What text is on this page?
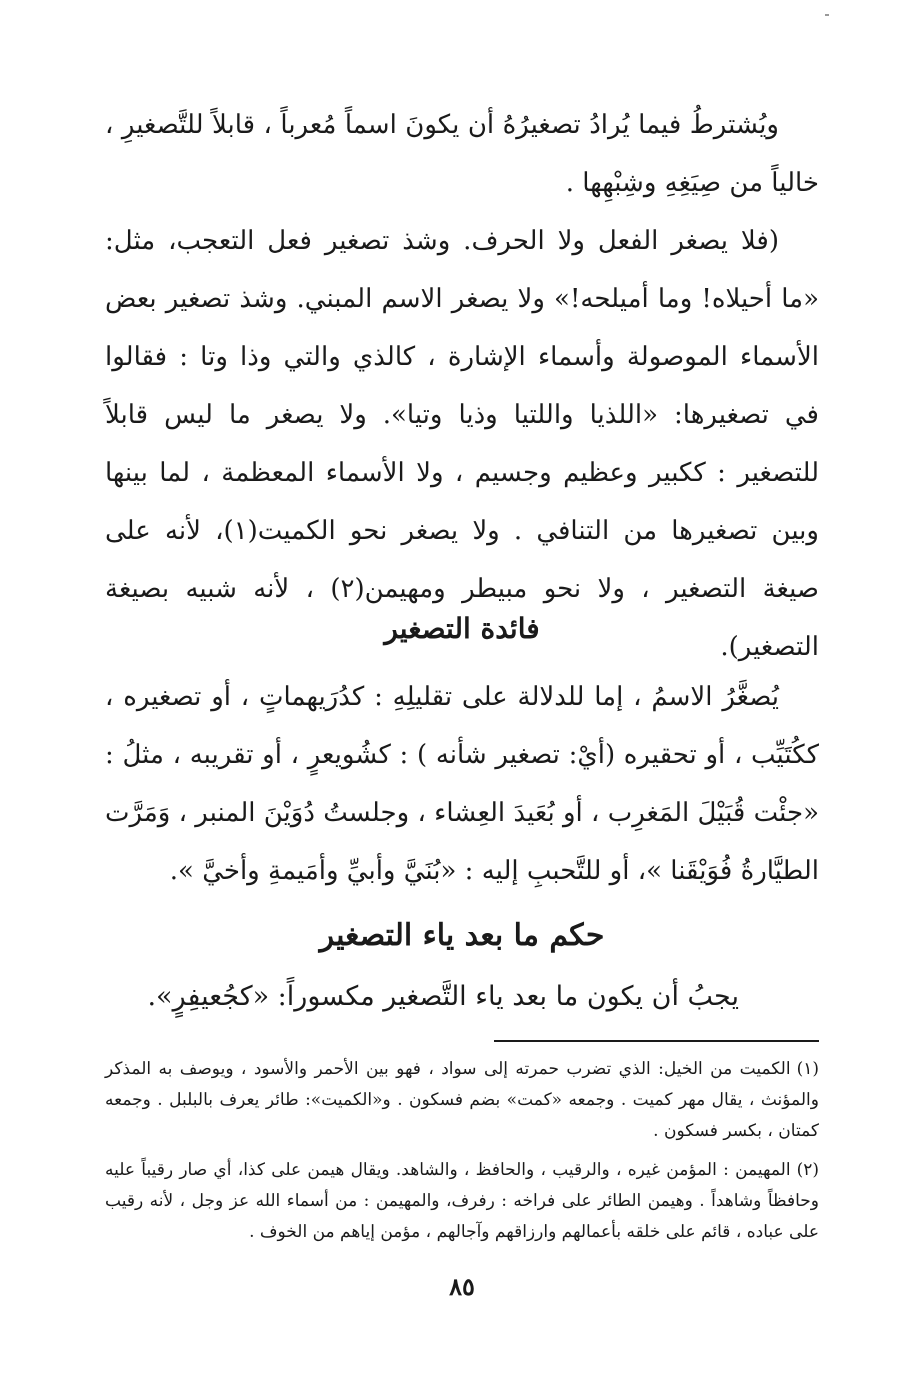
ويُشترطُ فيما يُرادُ تصغيرُهُ أن يكونَ اسماً مُعرباً ، قابلاً للتَّصغيرِ ، خالياً من صِيَغِهِ وشِبْهِها .

(فلا يصغر الفعل ولا الحرف. وشذ تصغير فعل التعجب، مثل: «ما أحيلاه! وما أميلحه!» ولا يصغر الاسم المبني. وشذ تصغير بعض الأسماء الموصولة وأسماء الإشارة ، كالذي والتي وذا وتا : فقالوا في تصغيرها: «اللذيا واللتيا وذيا وتيا». ولا يصغر ما ليس قابلاً للتصغير : ككبير وعظيم وجسيم ، ولا الأسماء المعظمة ، لما بينها وبين تصغيرها من التنافي . ولا يصغر نحو الكميت(١)، لأنه على صيغة التصغير ، ولا نحو مبيطر ومهيمن(٢) ، لأنه شبيه بصيغة التصغير).

فائدة التصغير

يُصغَّرُ الاسمُ ، إما للدلالة على تقليلِهِ : كدُرَيهماتٍ ، أو تصغيره ، ككُتَيِّب ، أو تحقيره (أيْ: تصغير شأنه ) : كشُويعرٍ ، أو تقريبه ، مثلُ : «جئْت قُبَيْلَ المَغرِب ، أو بُعَيدَ العِشاء ، وجلستُ دُوَيْنَ المنبر ، وَمَرَّت الطيَّارةُ فُوَيْقَنا »، أو للتَّحببِ إليه : «بُنَيَّ وأبيِّ وأمَيمةِ وأخيَّ ».

حكم ما بعد ياء التصغير

يجبُ أن يكون ما بعد ياء التَّصغير مكسوراً: «كجُعيفِرٍ».

(١)الكميت من الخيل: الذي تضرب حمرته إلى سواد ، فهو بين الأحمر والأسود ، ويوصف به المذكر والمؤنث ، يقال مهر كميت . وجمعه «كمت» بضم فسكون . و«الكميت»: طائر يعرف بالبلبل . وجمعه كمتان ، بكسر فسكون .

(٢)المهيمن : المؤمن غيره ، والرقيب ، والحافظ ، والشاهد. ويقال هيمن على كذا، أي صار رقيباً عليه وحافظاً وشاهداً . وهيمن الطائر على فراخه : رفرف، والمهيمن : من أسماء الله عز وجل ، لأنه رقيب على عباده ، قائم على خلقه بأعمالهم وارزاقهم وآجالهم ، مؤمن إياهم من الخوف .

٨٥
